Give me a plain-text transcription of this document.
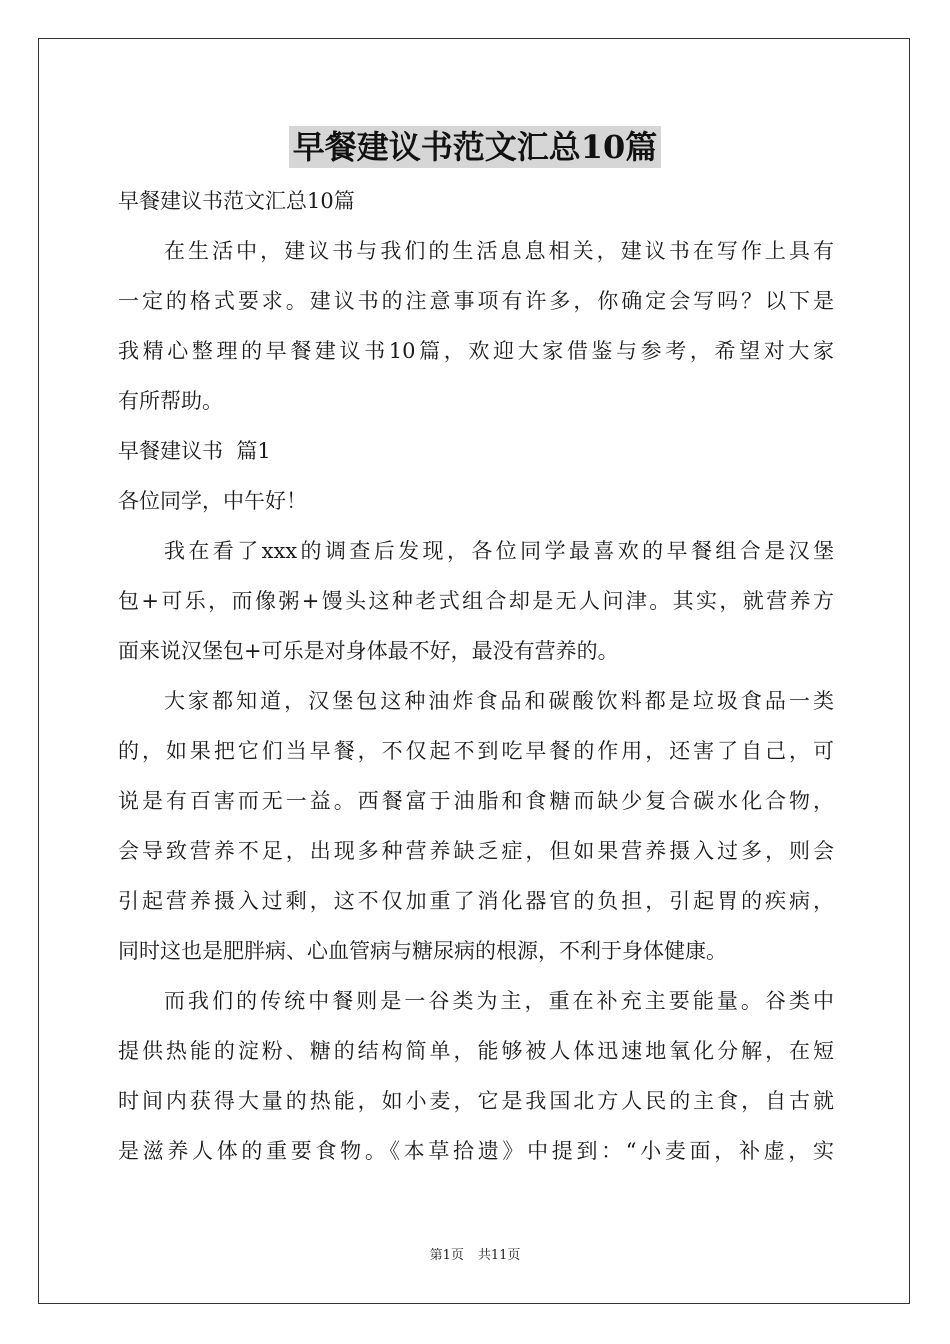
早餐建议书范文汇总10篇
早餐建议书范文汇总10篇
在生活中，建议书与我们的生活息息相关，建议书在写作上具有
一定的格式要求。建议书的注意事项有许多，你确定会写吗？以下是
我精心整理的早餐建议书10篇，欢迎大家借鉴与参考，希望对大家
有所帮助。
早餐建议书  篇1
各位同学，中午好！
我在看了xxx的调查后发现，各位同学最喜欢的早餐组合是汉堡
包+可乐，而像粥+馒头这种老式组合却是无人问津。其实，就营养方
面来说汉堡包+可乐是对身体最不好，最没有营养的。
大家都知道，汉堡包这种油炸食品和碳酸饮料都是垃圾食品一类
的，如果把它们当早餐，不仅起不到吃早餐的作用，还害了自己，可
说是有百害而无一益。西餐富于油脂和食糖而缺少复合碳水化合物，
会导致营养不足，出现多种营养缺乏症，但如果营养摄入过多，则会
引起营养摄入过剩，这不仅加重了消化器官的负担，引起胃的疾病，
同时这也是肥胖病、心血管病与糖尿病的根源，不利于身体健康。
而我们的传统中餐则是一谷类为主，重在补充主要能量。谷类中
提供热能的淀粉、糖的结构简单，能够被人体迅速地氧化分解，在短
时间内获得大量的热能，如小麦，它是我国北方人民的主食，自古就
是滋养人体的重要食物。《本草拾遗》中提到：“小麦面，补虚，实
第1页 共11页
